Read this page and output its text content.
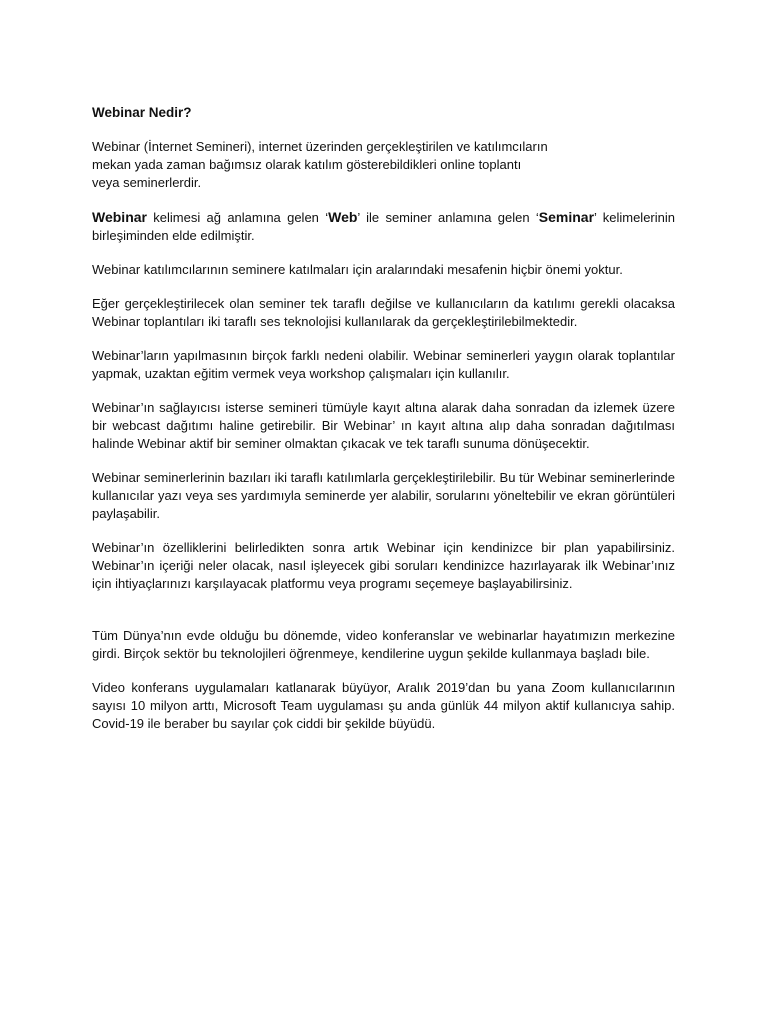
Webinar Nedir?

Webinar (İnternet Semineri), internet üzerinden gerçekleştirilen ve katılımcıların
mekan yada zaman bağımsız olarak katılım gösterebildikleri online toplantı
veya seminerlerdir.

Webinar kelimesi ağ anlamına gelen ‘Web’ ile seminer anlamına gelen ‘Seminar’ kelimelerinin birleşiminden elde edilmiştir.

Webinar katılımcılarının seminere katılmaları için aralarındaki mesafenin hiçbir önemi yoktur.

Eğer gerçekleştirilecek olan seminer tek taraflı değilse ve kullanıcıların da katılımı gerekli olacaksa Webinar toplantıları iki taraflı ses teknolojisi kullanılarak da gerçekleştirilebilmektedir.

Webinar’ların yapılmasının birçok farklı nedeni olabilir. Webinar seminerleri yaygın olarak toplantılar yapmak, uzaktan eğitim vermek veya workshop çalışmaları için kullanılır.

Webinar’ın sağlayıcısı isterse semineri tümüyle kayıt altına alarak daha sonradan da izlemek üzere bir webcast dağıtımı haline getirebilir. Bir Webinar’ ın kayıt altına alıp daha sonradan dağıtılması halinde Webinar aktif bir seminer olmaktan çıkacak ve tek taraflı sunuma dönüşecektir.

Webinar seminerlerinin bazıları iki taraflı katılımlarla gerçekleştirilebilir. Bu tür Webinar seminerlerinde kullanıcılar yazı veya ses yardımıyla seminerde yer alabilir, sorularını yöneltebilir ve ekran görüntüleri paylaşabilir.

Webinar’ın özelliklerini belirledikten sonra artık Webinar için kendinizce bir plan yapabilirsiniz. Webinar’ın içeriği neler olacak, nasıl işleyecek gibi soruları kendinizce hazırlayarak ilk Webinar’ınız için ihtiyaçlarınızı karşılayacak platformu veya programı seçemeye başlayabilirsiniz.

Tüm Dünya’nın evde olduğu bu dönemde, video konferanslar ve webinarlar hayatımızın merkezine girdi. Birçok sektör bu teknolojileri öğrenmeye, kendilerine uygun şekilde kullanmaya başladı bile.

Video konferans uygulamaları katlanarak büyüyor, Aralık 2019’dan bu yana Zoom kullanıcılarının sayısı 10 milyon arttı, Microsoft Team uygulaması şu anda günlük 44 milyon aktif kullanıcıya sahip. Covid-19 ile beraber bu sayılar çok ciddi bir şekilde büyüdü.
